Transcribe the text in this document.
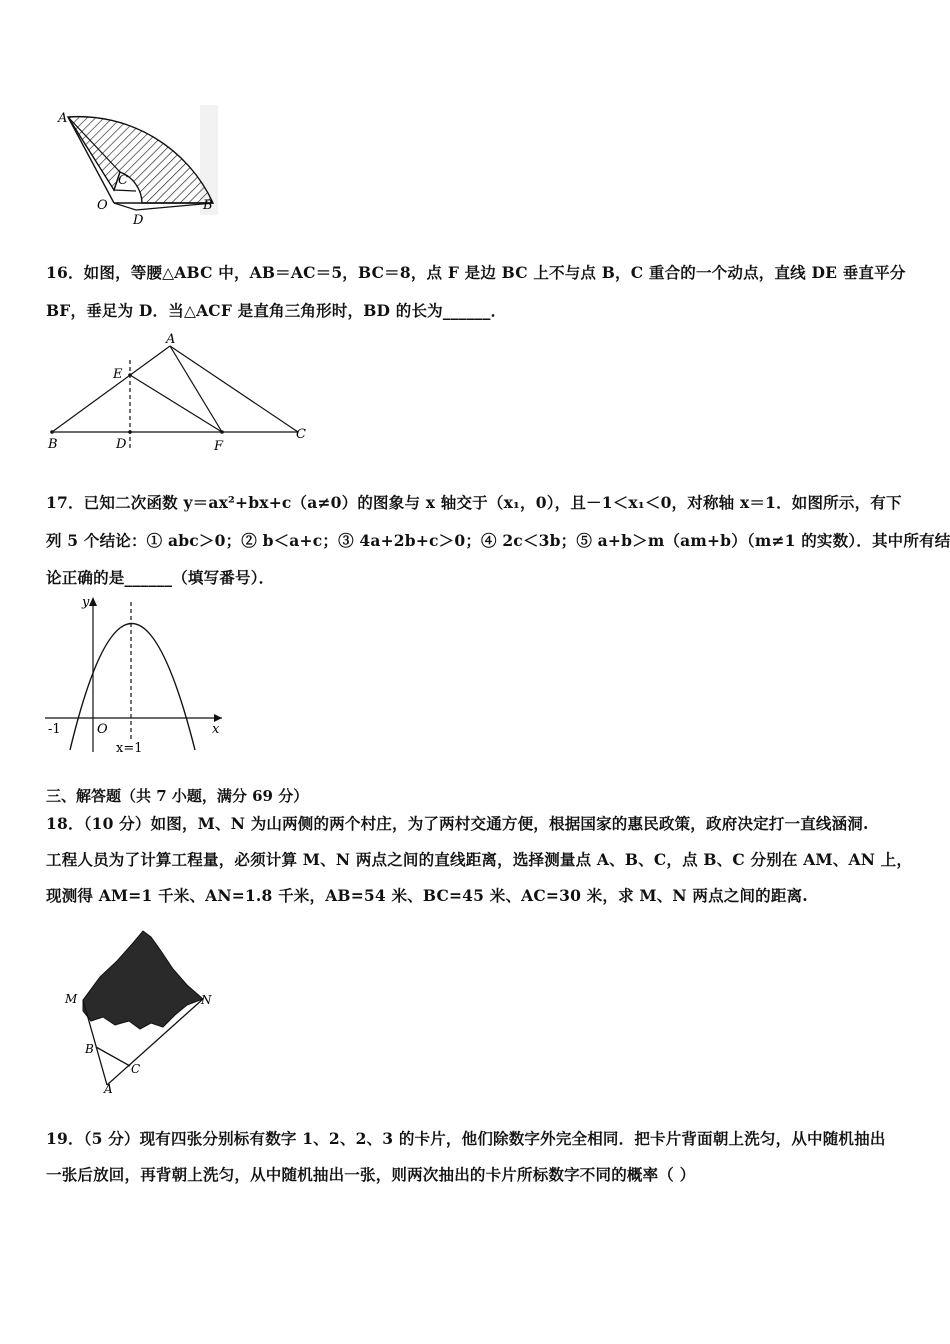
A
C
O
D
B
16．如图，等腰△ABC 中，AB＝AC＝5，BC＝8，点 F 是边 BC 上不与点 B，C 重合的一个动点，直线 DE 垂直平分
BF，垂足为 D．当△ACF 是直角三角形时，BD 的长为______．
A
E
B	D	F
C
17．已知二次函数 y＝ax²+bx+c（a≠0）的图象与 x 轴交于（x₁，0），且－1＜x₁＜0，对称轴 x＝1．如图所示，有下
列 5 个结论：① abc＞0；② b＜a+c；③ 4a+2b+c＞0；④ 2c＜3b；⑤ a+b＞m（am+b）（m≠1 的实数）．其中所有结
论正确的是______（填写番号）．
y
x
O
-1
x=1
三、解答题（共 7 小题，满分 69 分）
18．（10 分）如图，M、N 为山两侧的两个村庄，为了两村交通方便，根据国家的惠民政策，政府决定打一直线涵洞.
工程人员为了计算工程量，必须计算 M、N 两点之间的直线距离，选择测量点 A、B、C，点 B、C 分别在 AM、AN 上，
现测得 AM=1 千米、AN=1.8 千米，AB=54 米、BC=45 米、AC=30 米，求 M、N 两点之间的距离.
M	N
B
C
A
19．（5 分）现有四张分别标有数字 1、2、2、3 的卡片，他们除数字外完全相同．把卡片背面朝上洗匀，从中随机抽出
一张后放回，再背朝上洗匀，从中随机抽出一张，则两次抽出的卡片所标数字不同的概率（ ）
